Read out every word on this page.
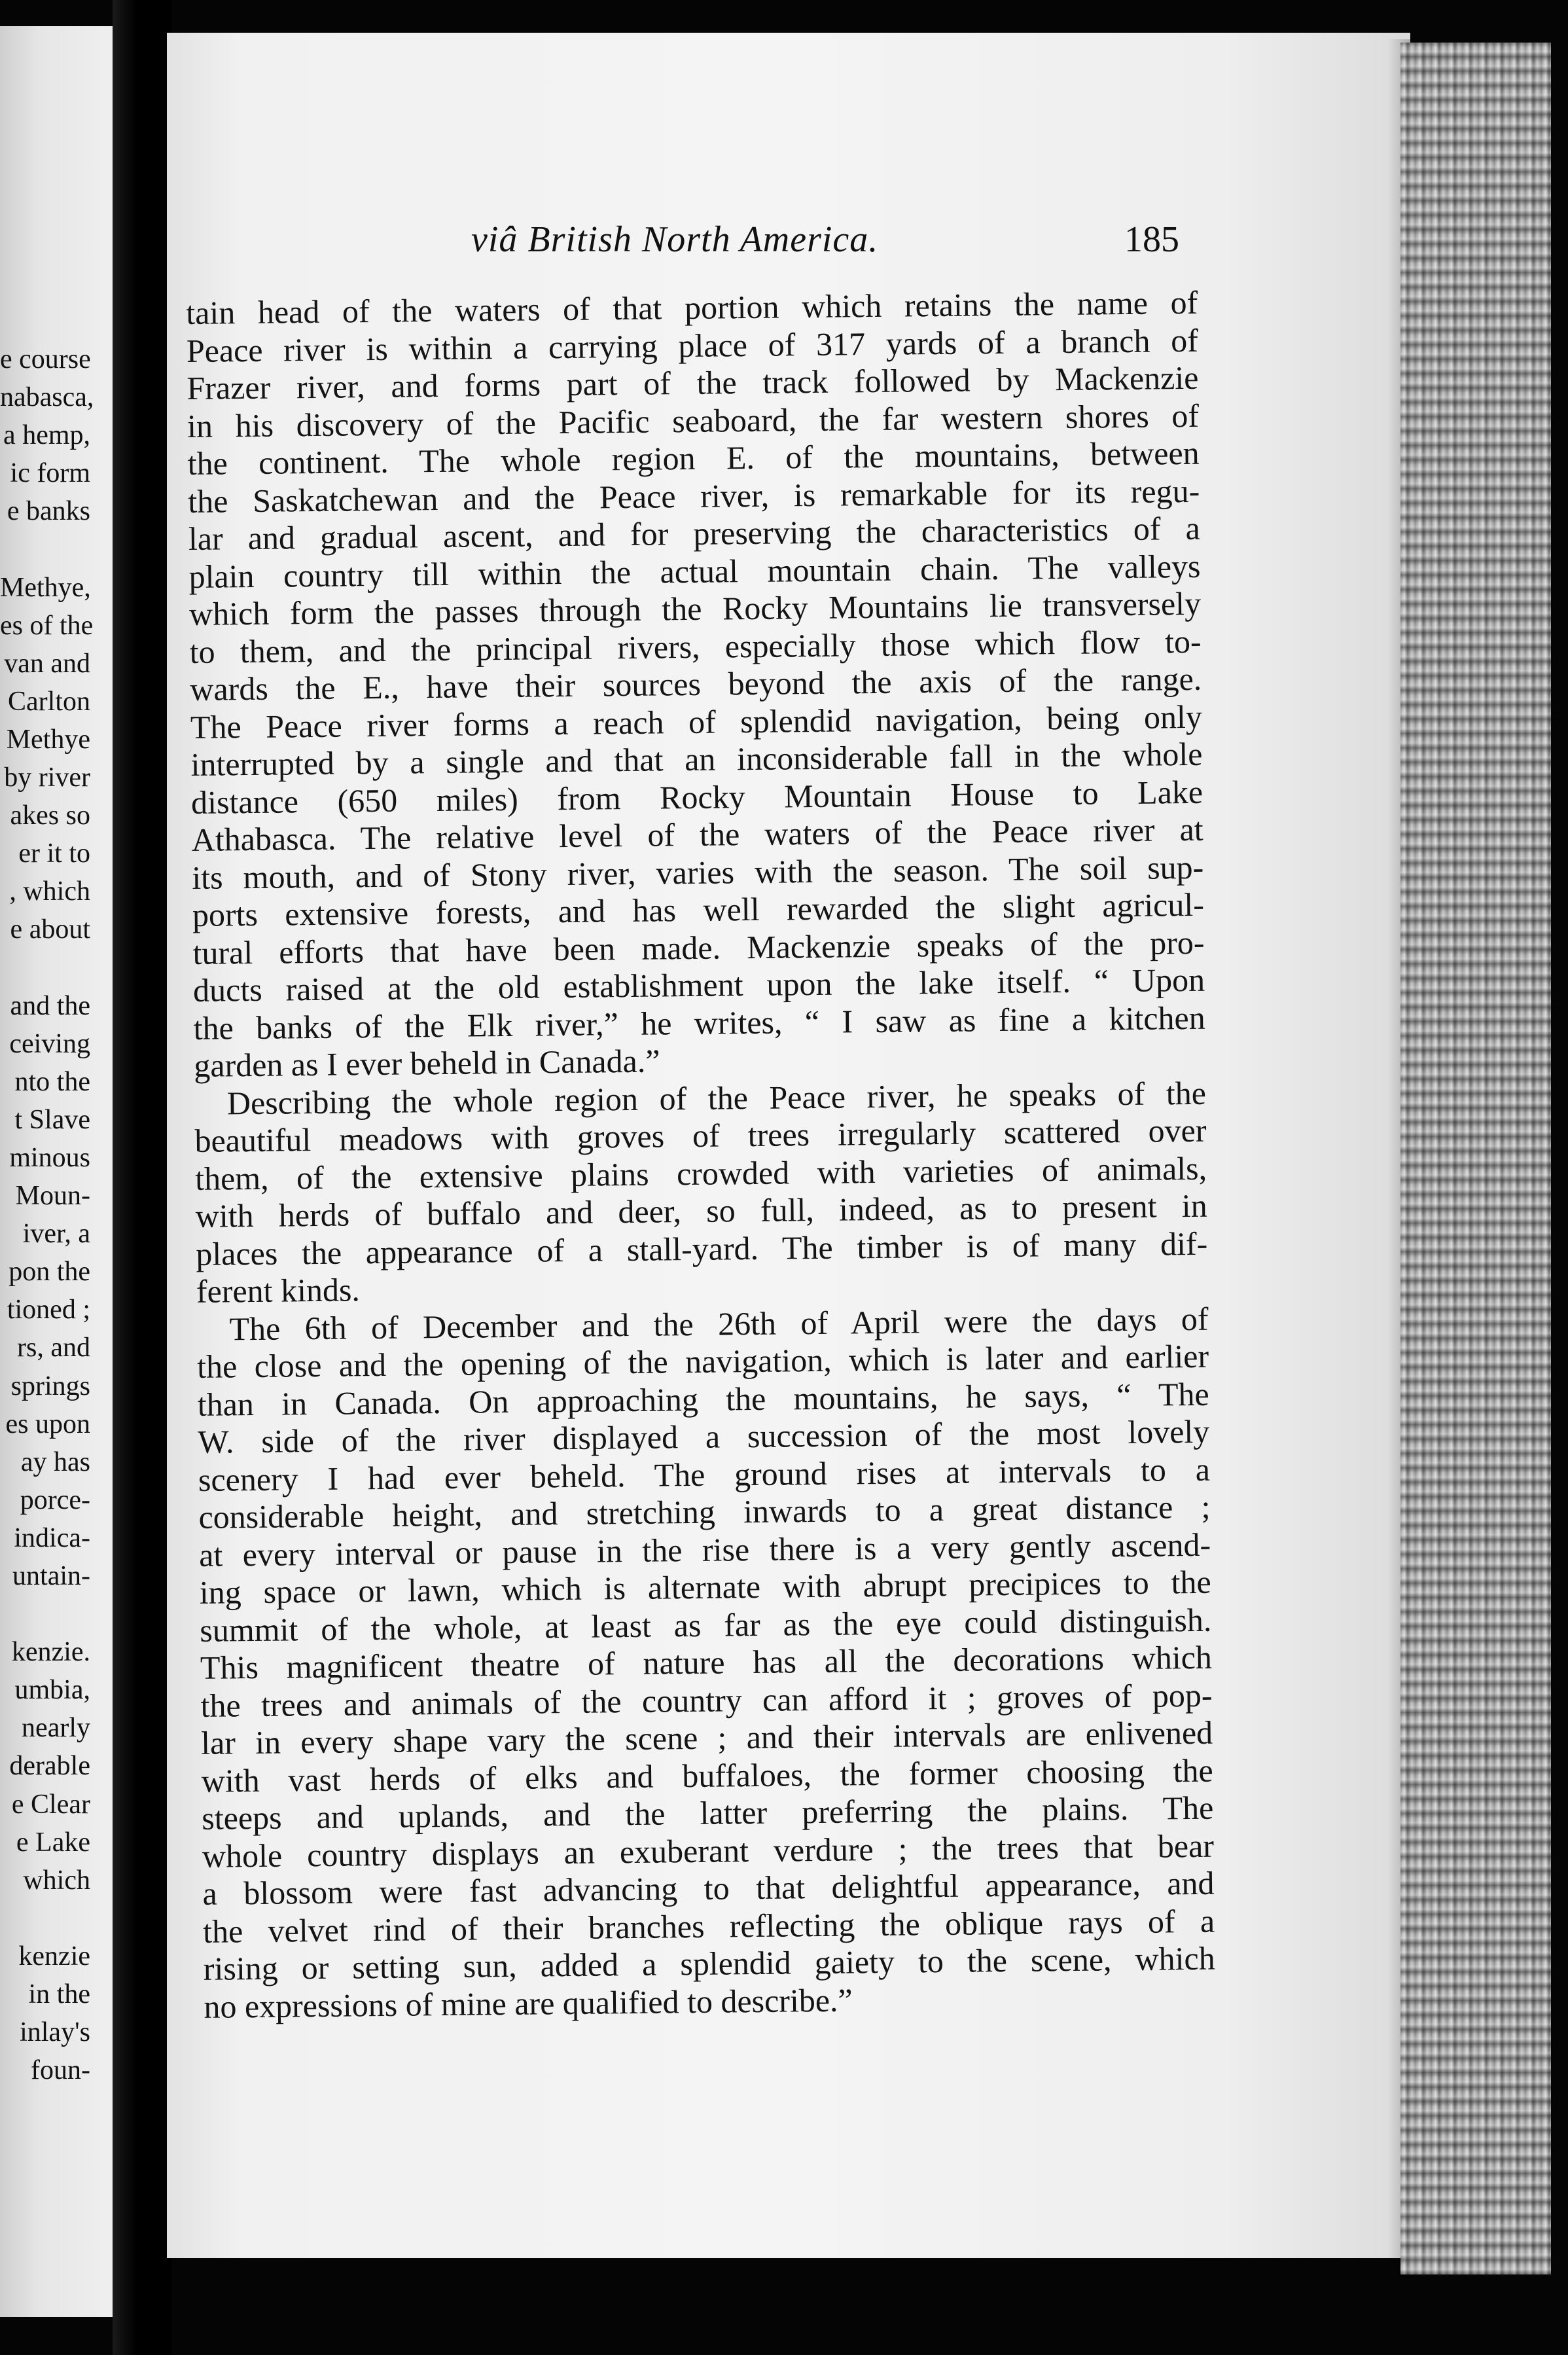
e course
nabasca,
a hemp,
ic form
e banks
Methye,
es of the
van and
Carlton
Methye
by river
akes so
er it to
, which
e about
and the
ceiving
nto the
t Slave
minous
Moun-
iver, a
pon the
tioned ;
rs, and
springs
es upon
ay has
porce-
indica-
untain-
kenzie.
umbia,
nearly
derable
e Clear
e Lake
which
kenzie
in the
inlay's
foun-
viâ British North America.	185
tain head of the waters of that portion which retains the name of
Peace river is within a carrying place of 317 yards of a branch of
Frazer river, and forms part of the track followed by Mackenzie
in his discovery of the Pacific seaboard, the far western shores of
the continent. The whole region E. of the mountains, between
the Saskatchewan and the Peace river, is remarkable for its regu-
lar and gradual ascent, and for preserving the characteristics of a
plain country till within the actual mountain chain. The valleys
which form the passes through the Rocky Mountains lie transversely
to them, and the principal rivers, especially those which flow to-
wards the E., have their sources beyond the axis of the range.
The Peace river forms a reach of splendid navigation, being only
interrupted by a single and that an inconsiderable fall in the whole
distance (650 miles) from Rocky Mountain House to Lake
Athabasca. The relative level of the waters of the Peace river at
its mouth, and of Stony river, varies with the season. The soil sup-
ports extensive forests, and has well rewarded the slight agricul-
tural efforts that have been made. Mackenzie speaks of the pro-
ducts raised at the old establishment upon the lake itself. “ Upon
the banks of the Elk river,” he writes, “ I saw as fine a kitchen
garden as I ever beheld in Canada.”
Describing the whole region of the Peace river, he speaks of the
beautiful meadows with groves of trees irregularly scattered over
them, of the extensive plains crowded with varieties of animals,
with herds of buffalo and deer, so full, indeed, as to present in
places the appearance of a stall-yard. The timber is of many dif-
ferent kinds.
The 6th of December and the 26th of April were the days of
the close and the opening of the navigation, which is later and earlier
than in Canada. On approaching the mountains, he says, “ The
W. side of the river displayed a succession of the most lovely
scenery I had ever beheld. The ground rises at intervals to a
considerable height, and stretching inwards to a great distance ;
at every interval or pause in the rise there is a very gently ascend-
ing space or lawn, which is alternate with abrupt precipices to the
summit of the whole, at least as far as the eye could distinguish.
This magnificent theatre of nature has all the decorations which
the trees and animals of the country can afford it ; groves of pop-
lar in every shape vary the scene ; and their intervals are enlivened
with vast herds of elks and buffaloes, the former choosing the
steeps and uplands, and the latter preferring the plains. The
whole country displays an exuberant verdure ; the trees that bear
a blossom were fast advancing to that delightful appearance, and
the velvet rind of their branches reflecting the oblique rays of a
rising or setting sun, added a splendid gaiety to the scene, which
no expressions of mine are qualified to describe.”
